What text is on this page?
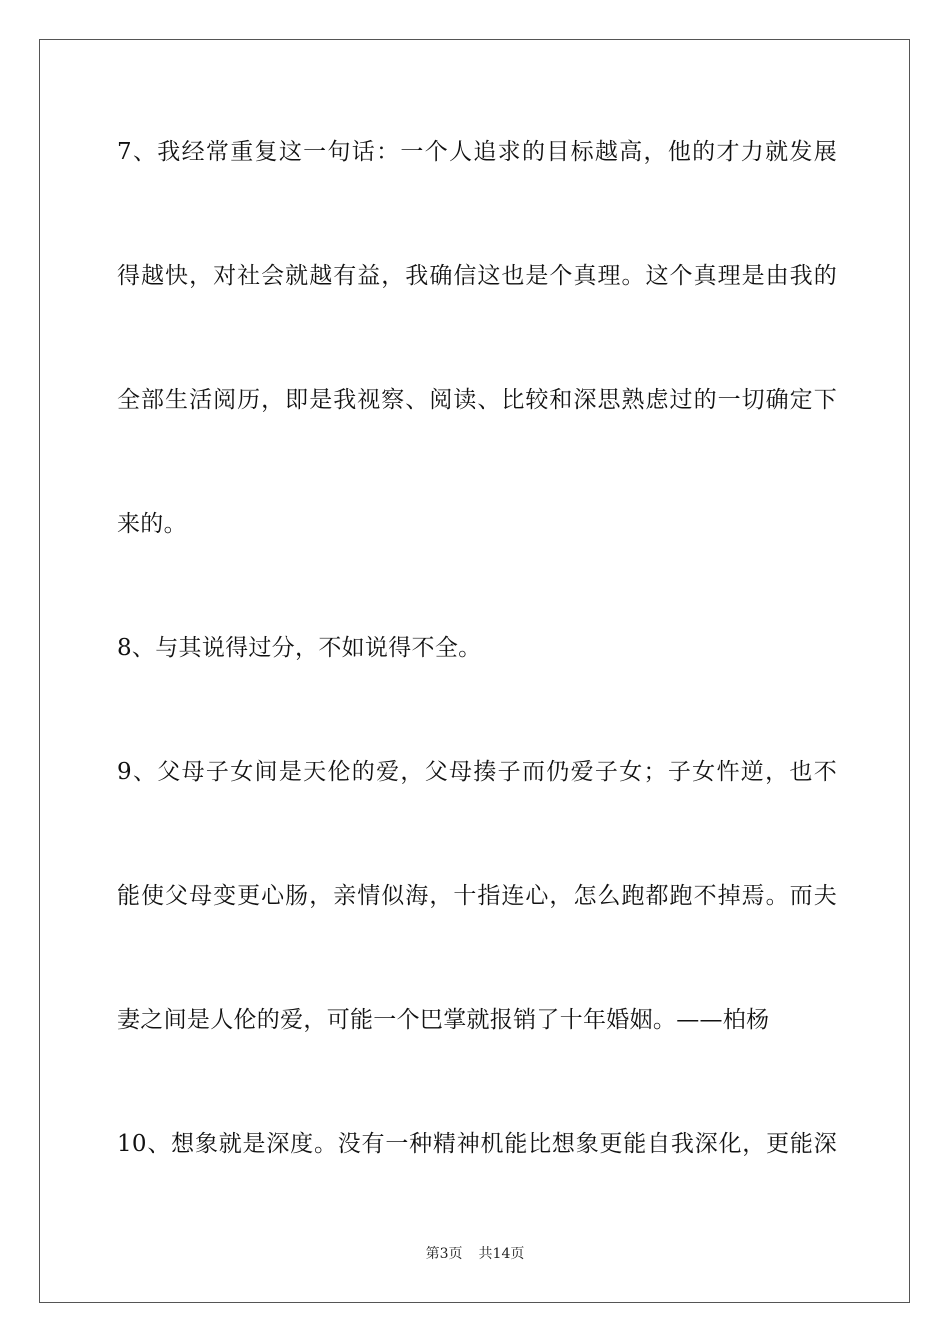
7、我经常重复这一句话：一个人追求的目标越高，他的才力就发展
得越快，对社会就越有益，我确信这也是个真理。这个真理是由我的
全部生活阅历，即是我视察、阅读、比较和深思熟虑过的一切确定下
来的。
8、与其说得过分，不如说得不全。
9、父母子女间是天伦的爱，父母揍子而仍爱子女；子女忤逆，也不
能使父母变更心肠，亲情似海，十指连心，怎么跑都跑不掉焉。而夫
妻之间是人伦的爱，可能一个巴掌就报销了十年婚姻。——柏杨
10、想象就是深度。没有一种精神机能比想象更能自我深化，更能深
第3页 共14页
